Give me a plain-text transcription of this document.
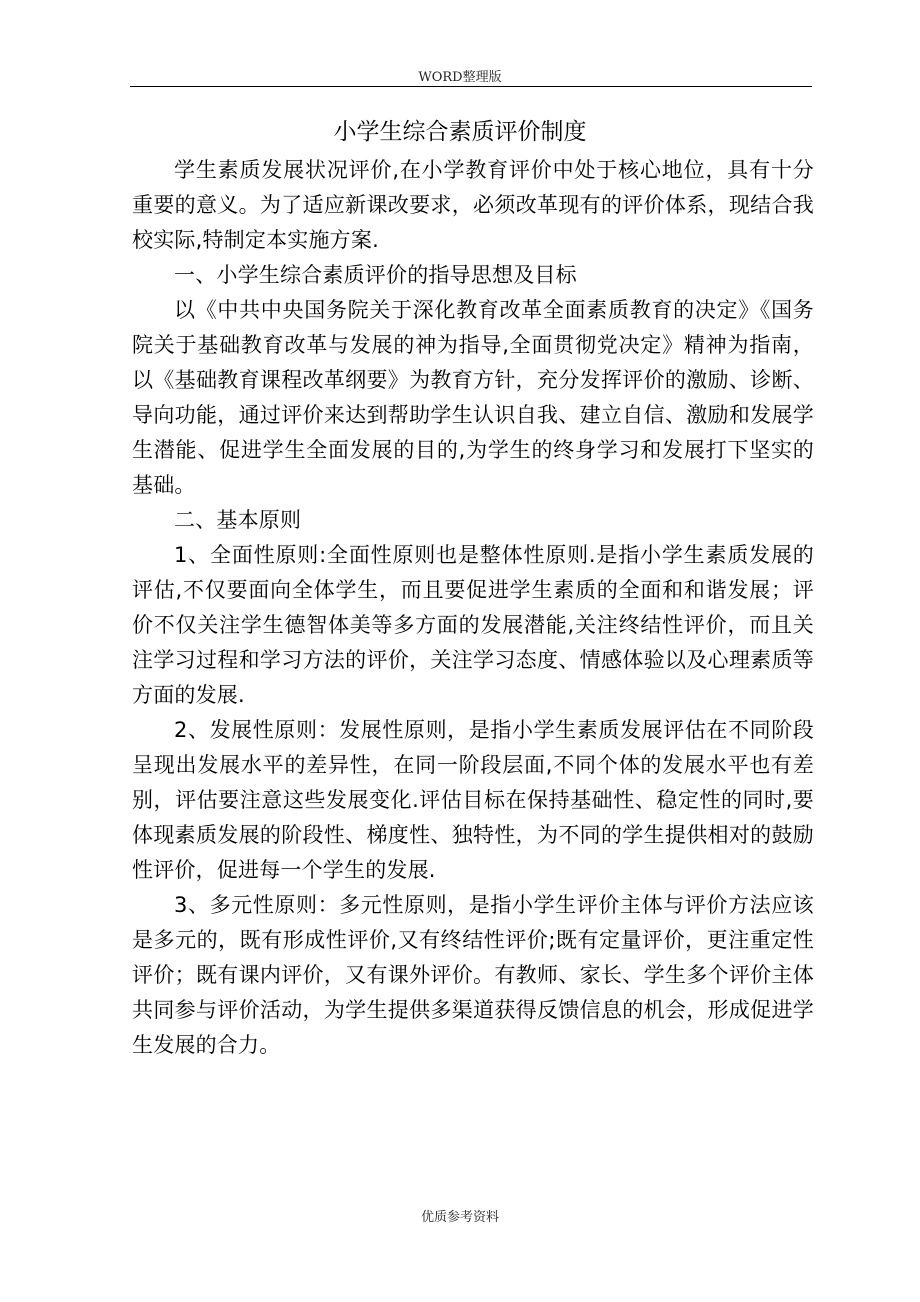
WORD整理版
小学生综合素质评价制度

学生素质发展状况评价,在小学教育评价中处于核心地位，具有十分重要的意义。为了适应新课改要求，必须改革现有的评价体系，现结合我校实际,特制定本实施方案.

一、小学生综合素质评价的指导思想及目标

以《中共中央国务院关于深化教育改革全面素质教育的决定》《国务院关于基础教育改革与发展的神为指导,全面贯彻党决定》精神为指南，以《基础教育课程改革纲要》为教育方针，充分发挥评价的激励、诊断、导向功能，通过评价来达到帮助学生认识自我、建立自信、激励和发展学生潜能、促进学生全面发展的目的,为学生的终身学习和发展打下坚实的基础。

二、基本原则

1、全面性原则:全面性原则也是整体性原则.是指小学生素质发展的评估,不仅要面向全体学生，而且要促进学生素质的全面和和谐发展；评价不仅关注学生德智体美等多方面的发展潜能,关注终结性评价，而且关注学习过程和学习方法的评价，关注学习态度、情感体验以及心理素质等方面的发展.

2、发展性原则：发展性原则，是指小学生素质发展评估在不同阶段呈现出发展水平的差异性，在同一阶段层面,不同个体的发展水平也有差别，评估要注意这些发展变化.评估目标在保持基础性、稳定性的同时,要体现素质发展的阶段性、梯度性、独特性，为不同的学生提供相对的鼓励性评价，促进每一个学生的发展.

3、多元性原则：多元性原则，是指小学生评价主体与评价方法应该是多元的，既有形成性评价,又有终结性评价;既有定量评价，更注重定性评价；既有课内评价，又有课外评价。有教师、家长、学生多个评价主体共同参与评价活动，为学生提供多渠道获得反馈信息的机会，形成促进学生发展的合力。

优质参考资料
